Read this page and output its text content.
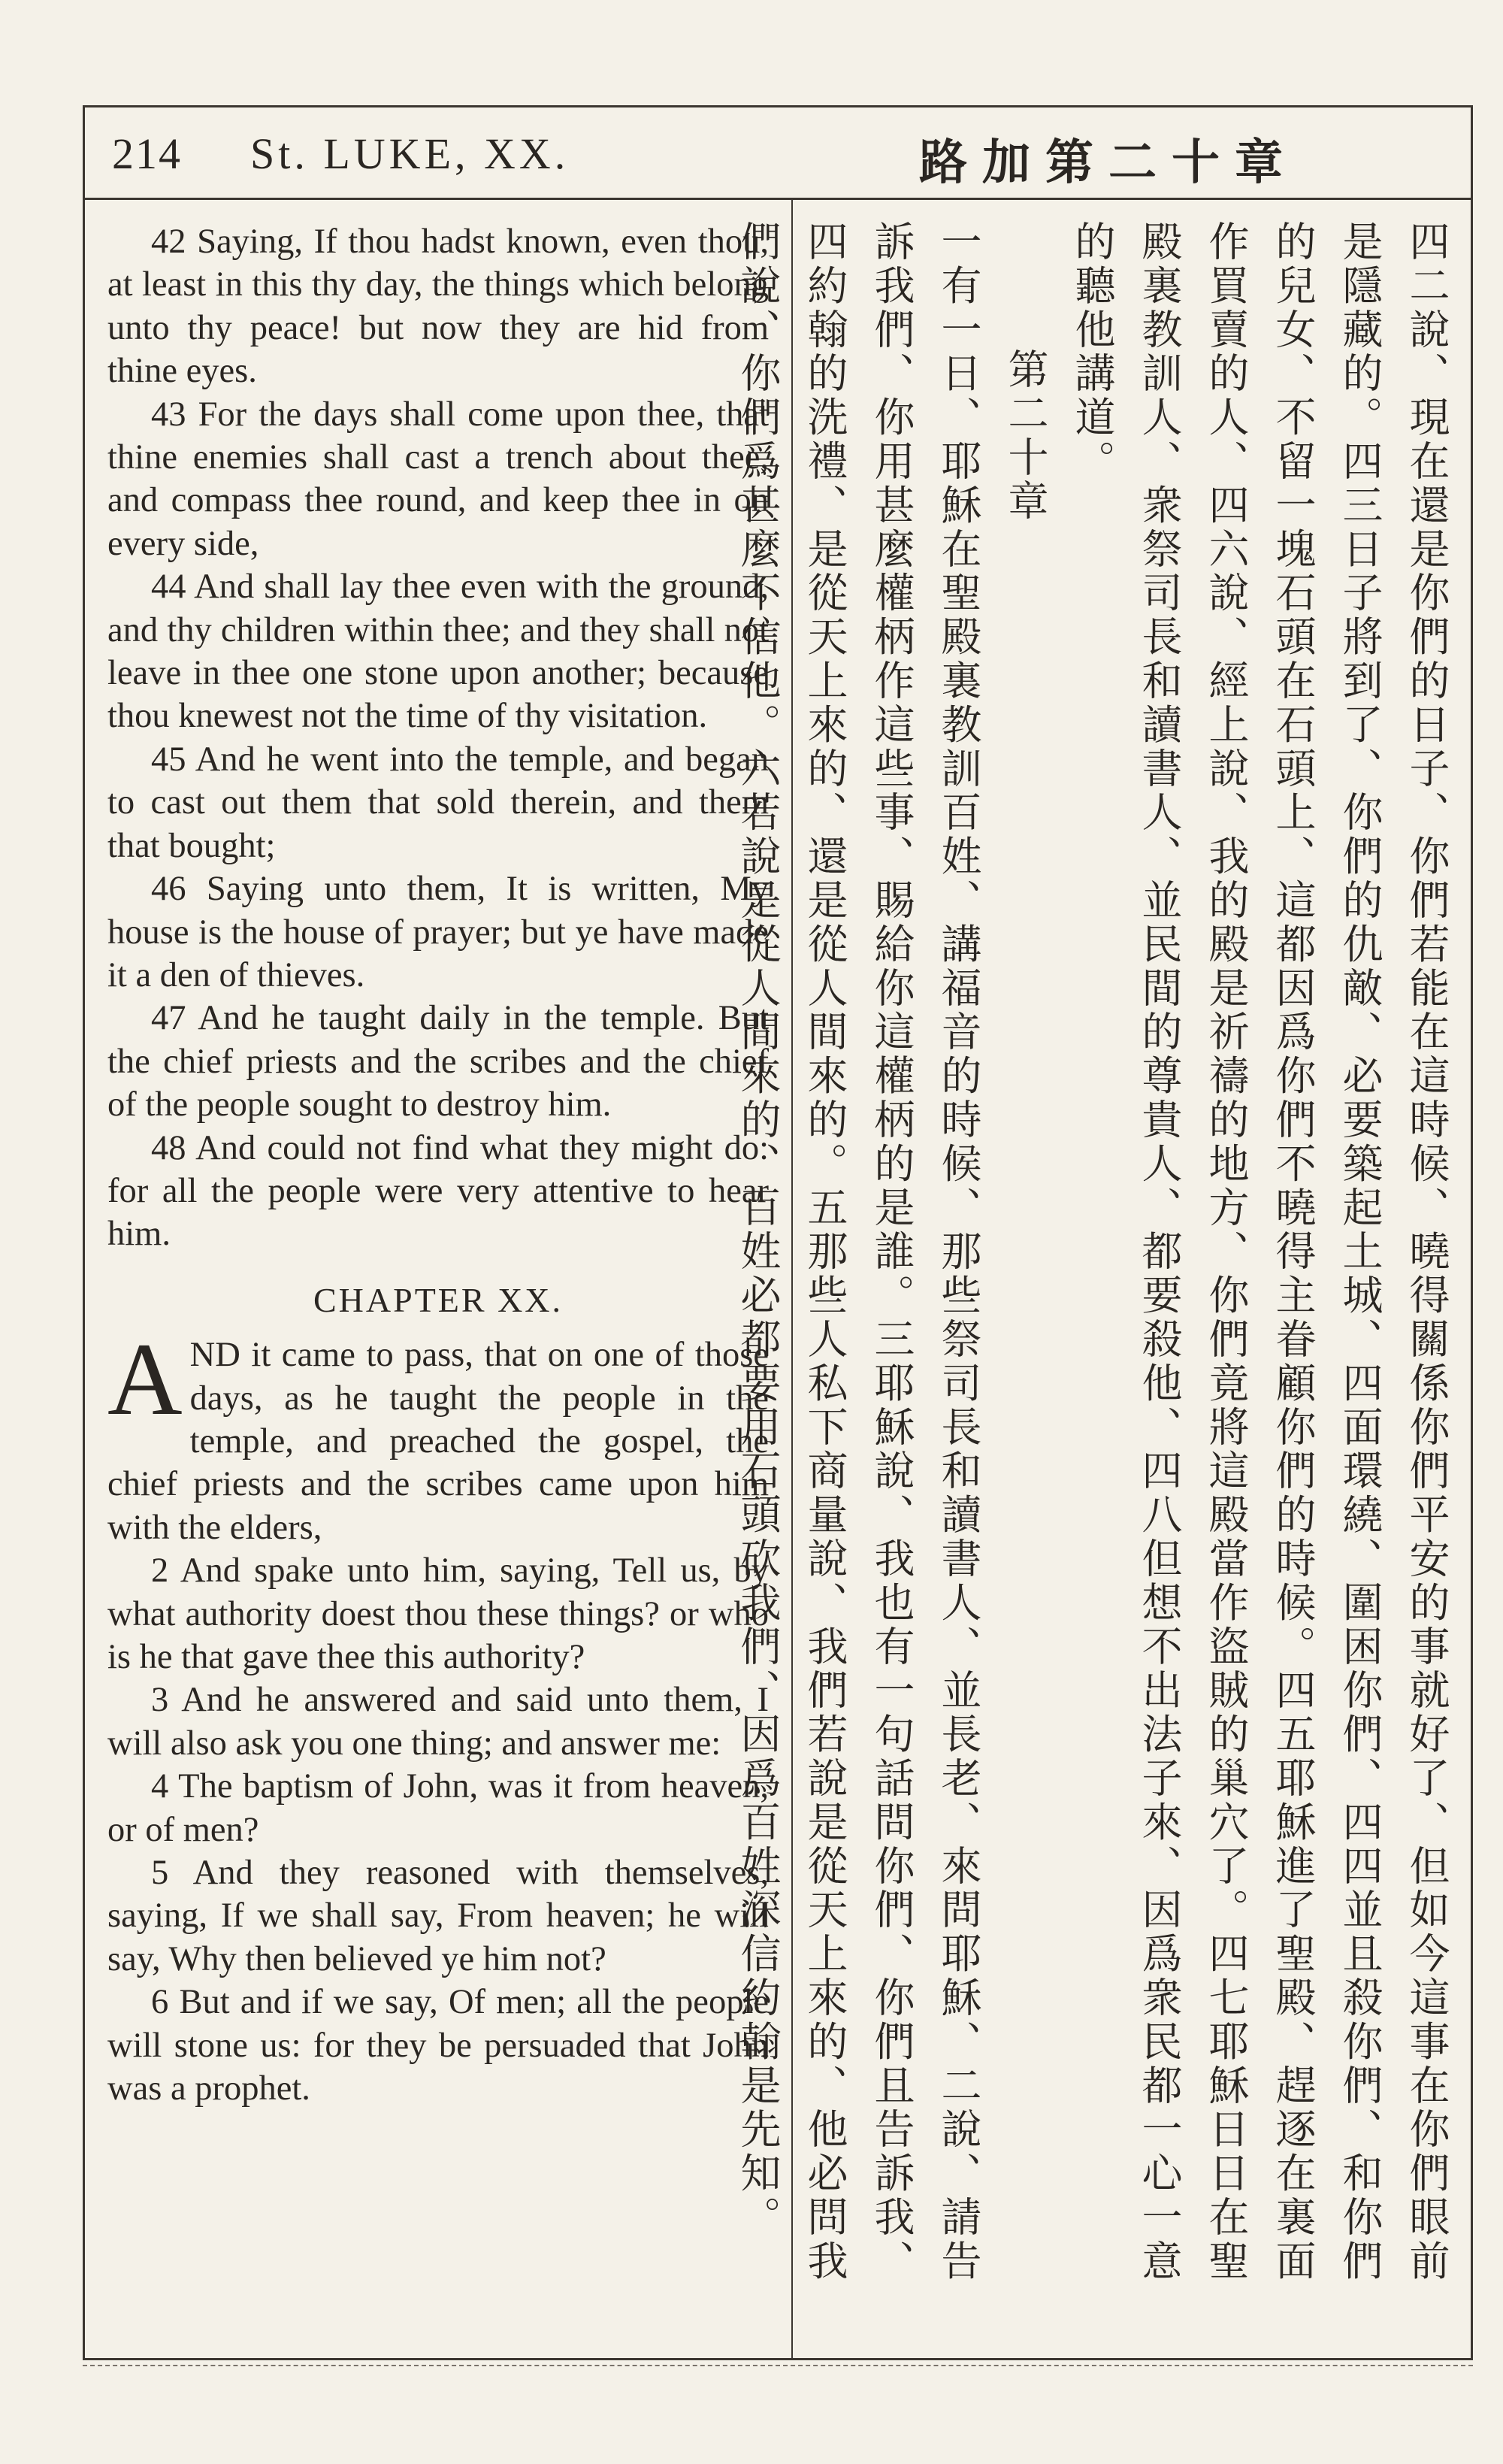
214 St. LUKE, XX.	路加第二十章

42 Saying, If thou hadst known, even thou, at least in this thy day, the things which belong unto thy peace! but now they are hid from thine eyes.

43 For the days shall come upon thee, that thine enemies shall cast a trench about thee, and compass thee round, and keep thee in on every side,

44 And shall lay thee even with the ground, and thy children within thee; and they shall not leave in thee one stone upon another; because thou knewest not the time of thy visitation.

45 And he went into the temple, and began to cast out them that sold therein, and them that bought;

46 Saying unto them, It is written, My house is the house of prayer; but ye have made it a den of thieves.

47 And he taught daily in the temple. But the chief priests and the scribes and the chief of the people sought to destroy him.

48 And could not find what they might do: for all the people were very attentive to hear him.

CHAPTER XX.

AND it came to pass, that on one of those days, as he taught the people in the temple, and preached the gospel, the chief priests and the scribes came upon him with the elders,

2 And spake unto him, saying, Tell us, by what authority doest thou these things? or who is he that gave thee this authority?

3 And he answered and said unto them, I will also ask you one thing; and answer me:

4 The baptism of John, was it from heaven, or of men?

5 And they reasoned with themselves, saying, If we shall say, From heaven; he will say, Why then believed ye him not?

6 But and if we say, Of men; all the people will stone us: for they be persuaded that John was a prophet.	四二說、現在還是你們的日子、你們若能在這時候、曉得關係你們平安的事就好了、但如今這事在你們眼前是隱藏的。四三日子將到了、你們的仇敵、必要築起土城、四面環繞、圍困你們、四四並且殺你們、和你們的兒女、不留一塊石頭在石頭上、這都因爲你們不曉得主眷顧你們的時候。四五耶穌進了聖殿、趕逐在裏面作買賣的人、四六說、經上說、我的殿是祈禱的地方、你們竟將這殿當作盜賊的巢穴了。四七耶穌日日在聖殿裏教訓人、衆祭司長和讀書人、並民間的尊貴人、都要殺他、四八但想不出法子來、因爲衆民都一心一意的聽他講道。

第二十章

一有一日、耶穌在聖殿裏教訓百姓、講福音的時候、那些祭司長和讀書人、並長老、來問耶穌、二說、請告訴我們、你用甚麼權柄作這些事、賜給你這權柄的是誰。三耶穌說、我也有一句話問你們、你們且告訴我、四約翰的洗禮、是從天上來的、還是從人間來的。五那些人私下商量說、我們若說是從天上來的、他必問我們說、你們爲甚麼不信他。六若說是從人間來的、百姓必都要用石頭砍我們、因爲百姓深信約翰是先知。
